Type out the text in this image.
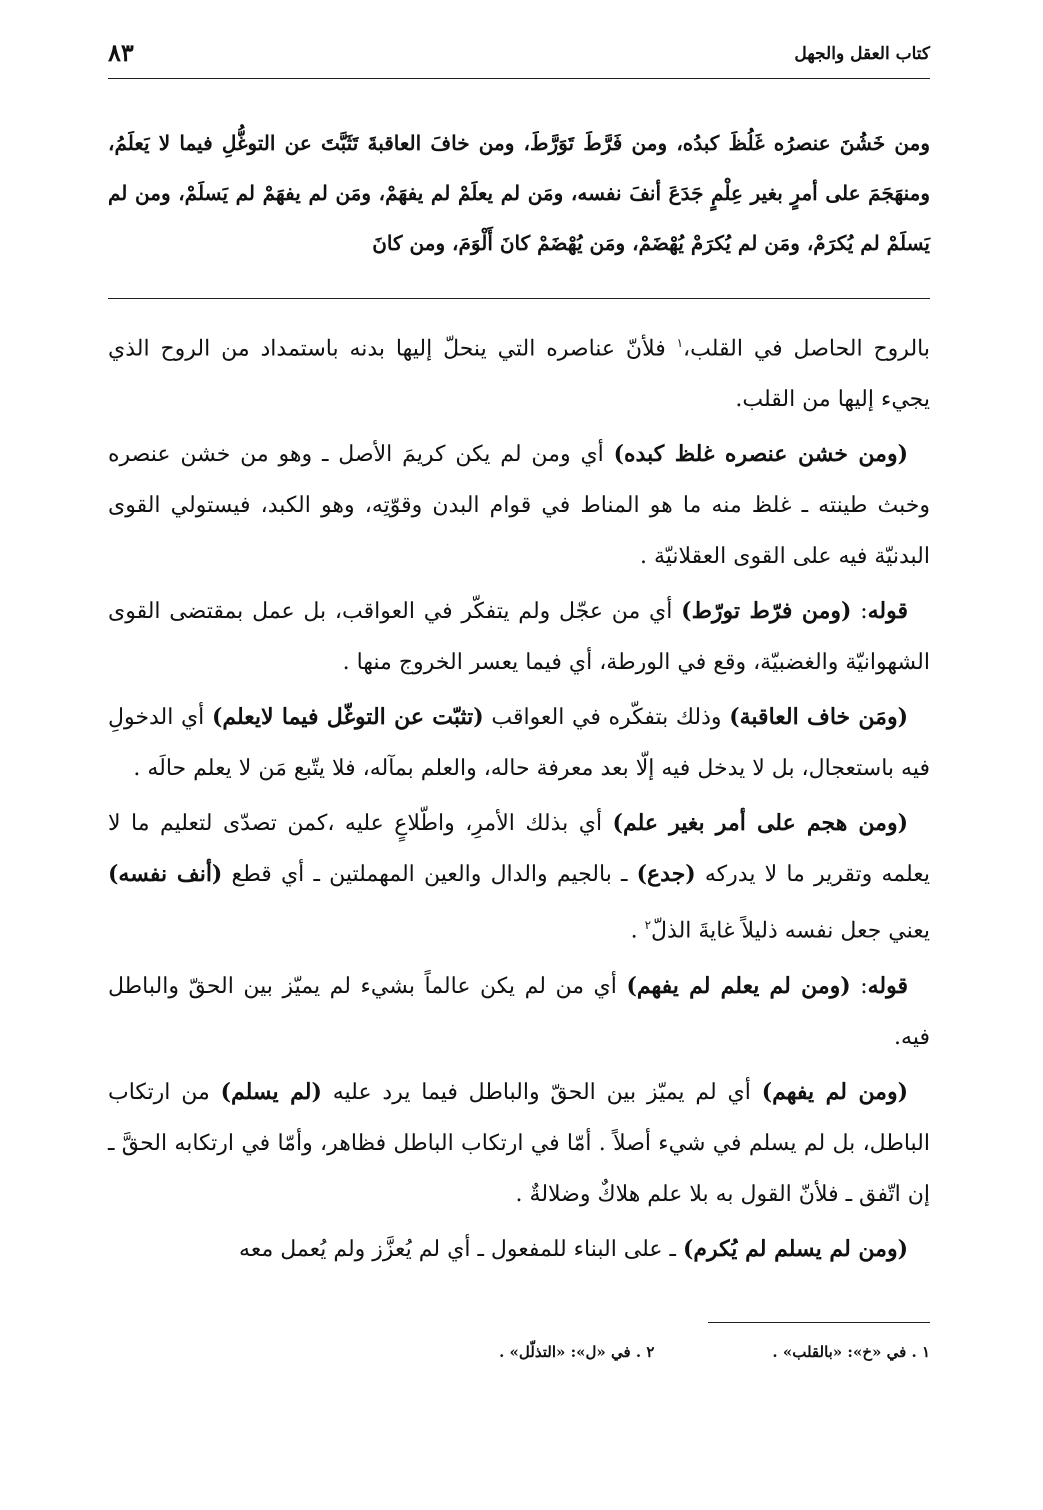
كتاب العقل والجهل
٨٣
ومن خَشُنَ عنصرُه غَلُظَ كبدُه، ومن فَرَّطَ تَوَرَّطَ، ومن خافَ العاقبةَ تَثَبَّتَ عن التوغُّلِ فيما لا يَعلَمُ، ومنهَجَمَ على أمرٍ بغير عِلْمٍ جَدَعَ أنفَ نفسه، ومَن لم يعلَمْ لم يفهَمْ، ومَن لم يفهَمْ لم يَسلَمْ، ومن لم يَسلَمْ لم يُكرَمْ، ومَن لم يُكرَمْ يُهْضَمْ، ومَن يُهْضَمْ كانَ أَلْوَمَ، ومن كانَ

بالروح الحاصل في القلب،$^١$ فلأنّ عناصره التي ينحلّ إليها بدنه باستمداد من الروح الذي يجيء إليها من القلب.

(ومن خشن عنصره غلظ كبده) أي ومن لم يكن كريمَ الأصل ـ وهو من خشن عنصره وخبث طينته ـ غلظ منه ما هو المناط في قوام البدن وقوّتِه، وهو الكبد، فيستولي القوى البدنيّة فيه على القوى العقلانيّة .

قوله: (ومن فرّط تورّط) أي من عجّل ولم يتفكّر في العواقب، بل عمل بمقتضى القوى الشهوانيّة والغضبيّة، وقع في الورطة، أي فيما يعسر الخروج منها .

(ومَن خاف العاقبة) وذلك بتفكّره في العواقب (تثبّت عن التوغّل فيما لايعلم) أي الدخولِ فيه باستعجال، بل لا يدخل فيه إلّا بعد معرفة حاله، والعلم بمآله، فلا يتّبع مَن لا يعلم حالَه .

(ومن هجم على أمر بغير علم) أي بذلك الأمرِ، واطّلاعٍ عليه ،كمن تصدّى لتعليم ما لا يعلمه وتقرير ما لا يدركه (جدع) ـ بالجيم والدال والعين المهملتين ـ أي قطع (أنف نفسه) يعني جعل نفسه ذليلاً غايةَ الذلّ$^٢$ .

قوله: (ومن لم يعلم لم يفهم) أي من لم يكن عالماً بشيء لم يميّز بين الحقّ والباطل فيه.

(ومن لم يفهم) أي لم يميّز بين الحقّ والباطل فيما يرد عليه (لم يسلم) من ارتكاب الباطل، بل لم يسلم في شيء أصلاً . أمّا في ارتكاب الباطل فظاهر، وأمّا في ارتكابه الحقَّ ـ إن اتّفق ـ فلأنّ القول به بلا علم هلاكٌ وضلالةٌ .

(ومن لم يسلم لم يُكرم) ـ على البناء للمفعول ـ أي لم يُعزَّز ولم يُعمل معه

١ . في «خ»: «بالقلب» .
٢ . في «ل»: «التذلّل» .
